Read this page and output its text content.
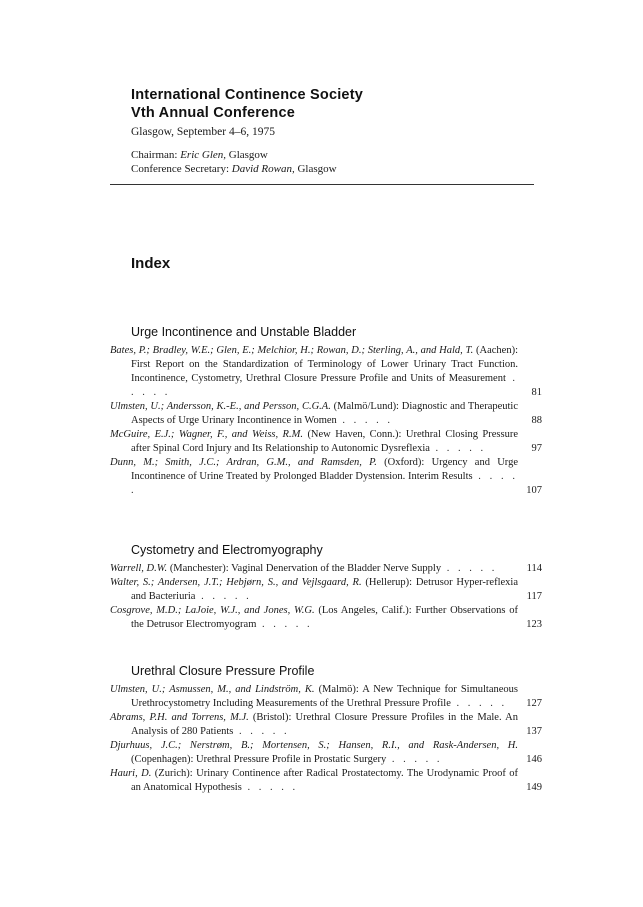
International Continence Society
Vth Annual Conference
Glasgow, September 4–6, 1975
Chairman: Eric Glen, Glasgow
Conference Secretary: David Rowan, Glasgow
Index
Urge Incontinence and Unstable Bladder
Bates, P.; Bradley, W.E.; Glen, E.; Melchior, H.; Rowan, D.; Sterling, A., and Hald, T. (Aachen): First Report on the Standardization of Terminology of Lower Urinary Tract Function. Incontinence, Cystometry, Urethral Closure Pressure Profile and Units of Measurement . . . . .	81
Ulmsten, U.; Andersson, K.-E., and Persson, C.G.A. (Malmö/Lund): Diagnostic and Therapeutic Aspects of Urge Urinary Incontinence in Women . . . . .	88
McGuire, E.J.; Wagner, F., and Weiss, R.M. (New Haven, Conn.): Urethral Closing Pressure after Spinal Cord Injury and Its Relationship to Autonomic Dysreflexia . . . . .	97
Dunn, M.; Smith, J.C.; Ardran, G.M., and Ramsden, P. (Oxford): Urgency and Urge Incontinence of Urine Treated by Prolonged Bladder Dystension. Interim Results . . . . .	107
Cystometry and Electromyography
Warrell, D.W. (Manchester): Vaginal Denervation of the Bladder Nerve Supply . . . . .	114
Walter, S.; Andersen, J.T.; Hebjørn, S., and Vejlsgaard, R. (Hellerup): Detrusor Hyper-reflexia and Bacteriuria . . . . .	117
Cosgrove, M.D.; LaJoie, W.J., and Jones, W.G. (Los Angeles, Calif.): Further Observations of the Detrusor Electromyogram . . . . .	123
Urethral Closure Pressure Profile
Ulmsten, U.; Asmussen, M., and Lindström, K. (Malmö): A New Technique for Simultaneous Urethrocystometry Including Measurements of the Urethral Pressure Profile . . . . . 127
Abrams, P.H. and Torrens, M.J. (Bristol): Urethral Closure Pressure Profiles in the Male. An Analysis of 280 Patients . . . . .	137
Djurhuus, J.C.; Nerstrøm, B.; Mortensen, S.; Hansen, R.I., and Rask-Andersen, H. (Copenhagen): Urethral Pressure Profile in Prostatic Surgery . . . . .	146
Hauri, D. (Zurich): Urinary Continence after Radical Prostatectomy. The Urodynamic Proof of an Anatomical Hypothesis . . . . .	149
